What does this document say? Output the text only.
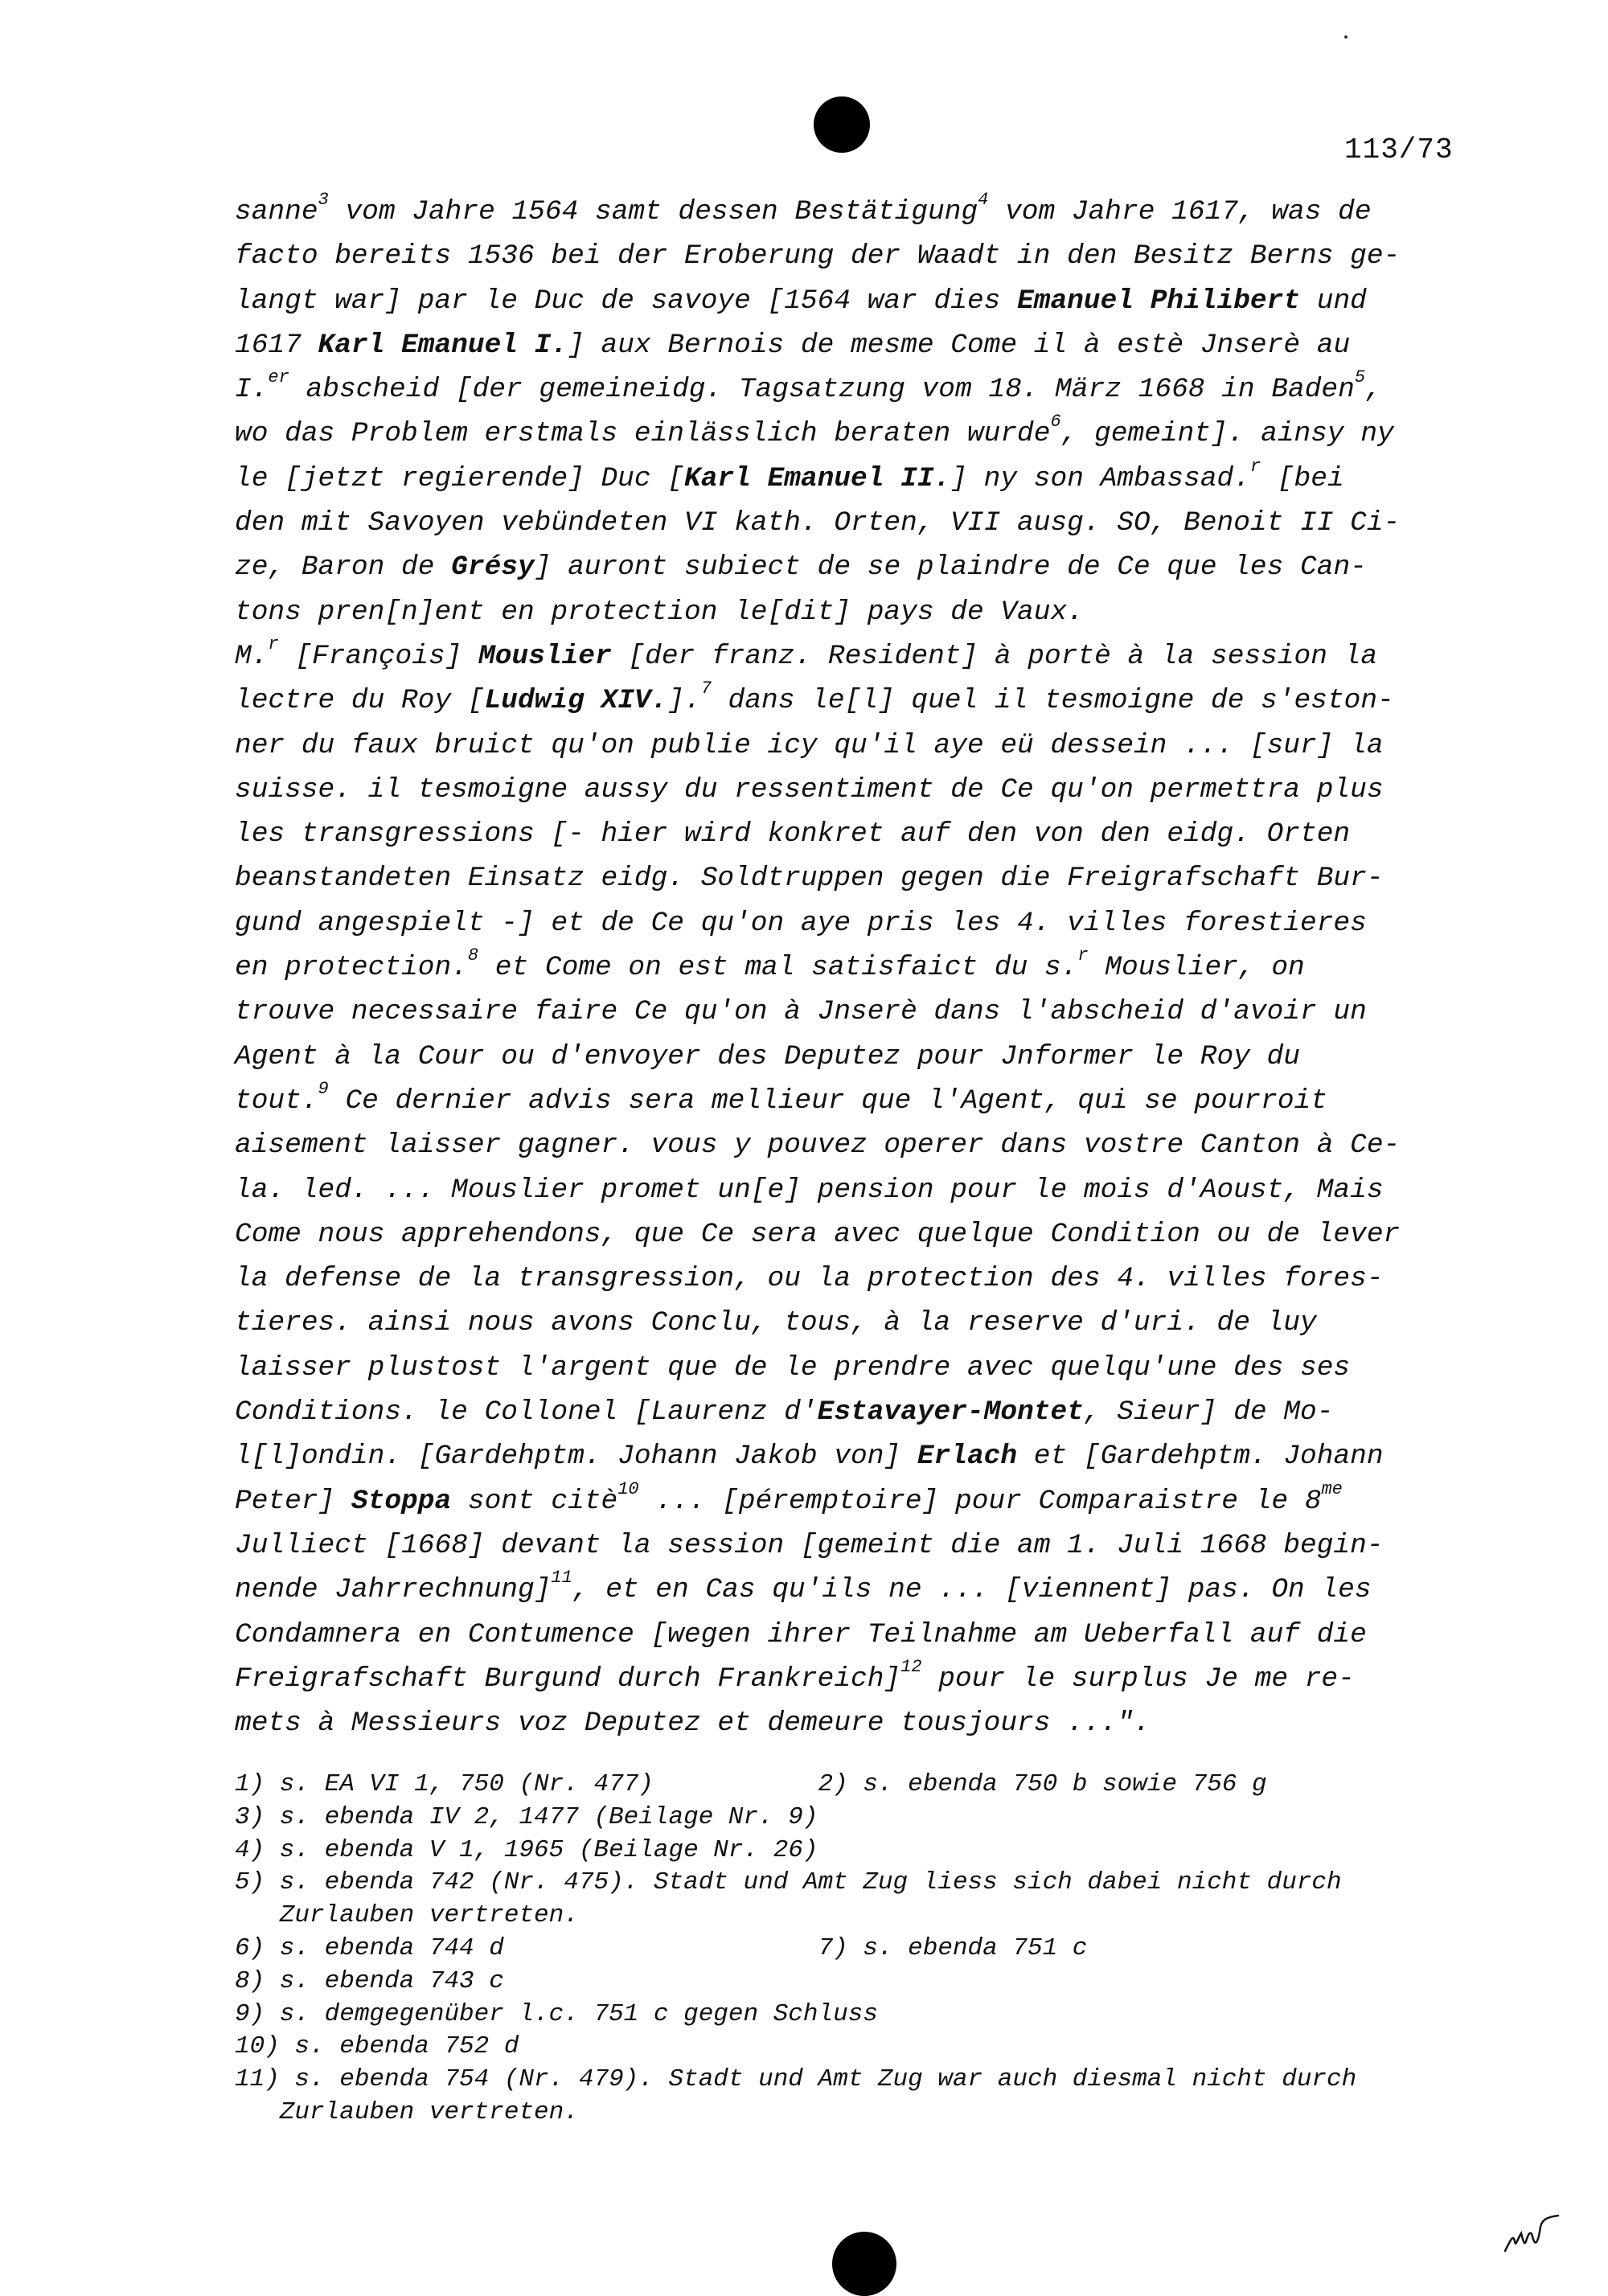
113/73
sanne$^3$ vom Jahre 1564 samt dessen Bestätigung$^4$ vom Jahre 1617, was de
facto bereits 1536 bei der Eroberung der Waadt in den Besitz Berns ge-
langt war] par le Duc de savoye [1564 war dies Emanuel Philibert und
1617 Karl Emanuel I.] aux Bernois de mesme Come il à estè Jnserè au
I.$^{er}$ abscheid [der gemeineidg. Tagsatzung vom 18. März 1668 in Baden$^5$,
wo das Problem erstmals einlässlich beraten wurde$^6$, gemeint]. ainsy ny
le [jetzt regierende] Duc [Karl Emanuel II.] ny son Ambassad.$^r$ [bei
den mit Savoyen vebündeten VI kath. Orten, VII ausg. SO, Benoit II Ci-
ze, Baron de Grésy] auront subiect de se plaindre de Ce que les Can-
tons pren[n]ent en protection le[dit] pays de Vaux.
M.$^r$ [François] Mouslier [der franz. Resident] à portè à la session la
lectre du Roy [Ludwig XIV.].$^7$ dans le[l] quel il tesmoigne de s'eston-
ner du faux bruict qu'on publie icy qu'il aye eü dessein ... [sur] la
suisse. il tesmoigne aussy du ressentiment de Ce qu'on permettra plus
les transgressions [- hier wird konkret auf den von den eidg. Orten
beanstandeten Einsatz eidg. Soldtruppen gegen die Freigrafschaft Bur-
gund angespielt -] et de Ce qu'on aye pris les 4. villes forestieres
en protection.$^8$ et Come on est mal satisfaict du s.$^r$ Mouslier, on
trouve necessaire faire Ce qu'on à Jnserè dans l'abscheid d'avoir un
Agent à la Cour ou d'envoyer des Deputez pour Jnformer le Roy du
tout.$^9$ Ce dernier advis sera mellieur que l'Agent, qui se pourroit
aisement laisser gagner. vous y pouvez operer dans vostre Canton à Ce-
la. led. ... Mouslier promet un[e] pension pour le mois d'Aoust, Mais
Come nous apprehendons, que Ce sera avec quelque Condition ou de lever
la defense de la transgression, ou la protection des 4. villes fores-
tieres. ainsi nous avons Conclu, tous, à la reserve d'uri. de luy
laisser plustost l'argent que de le prendre avec quelqu'une des ses
Conditions. le Collonel [Laurenz d'Estavayer-Montet, Sieur] de Mo-
l[l]ondin. [Gardehptm. Johann Jakob von] Erlach et [Gardehptm. Johann
Peter] Stoppa sont citè$^{10}$ ... [péremptoire] pour Comparaistre le $8^{me}$
Julliect [1668] devant la session [gemeint die am 1. Juli 1668 begin-
nende Jahrrechnung]$^{11}$, et en Cas qu'ils ne ... [viennent] pas. On les
Condamnera en Contumence [wegen ihrer Teilnahme am Ueberfall auf die
Freigrafschaft Burgund durch Frankreich]$^{12}$ pour le surplus Je me re-
mets à Messieurs voz Deputez et demeure tousjours ...".
1) s. EA VI 1, 750 (Nr. 477)           2) s. ebenda 750 b sowie 756 g
3) s. ebenda IV 2, 1477 (Beilage Nr. 9)
4) s. ebenda V 1, 1965 (Beilage Nr. 26)
5) s. ebenda 742 (Nr. 475). Stadt und Amt Zug liess sich dabei nicht durch
Zurlauben vertreten.
6) s. ebenda 744 d                     7) s. ebenda 751 c
8) s. ebenda 743 c
9) s. demgegenüber l.c. 751 c gegen Schluss
10) s. ebenda 752 d
11) s. ebenda 754 (Nr. 479). Stadt und Amt Zug war auch diesmal nicht durch
Zurlauben vertreten.
